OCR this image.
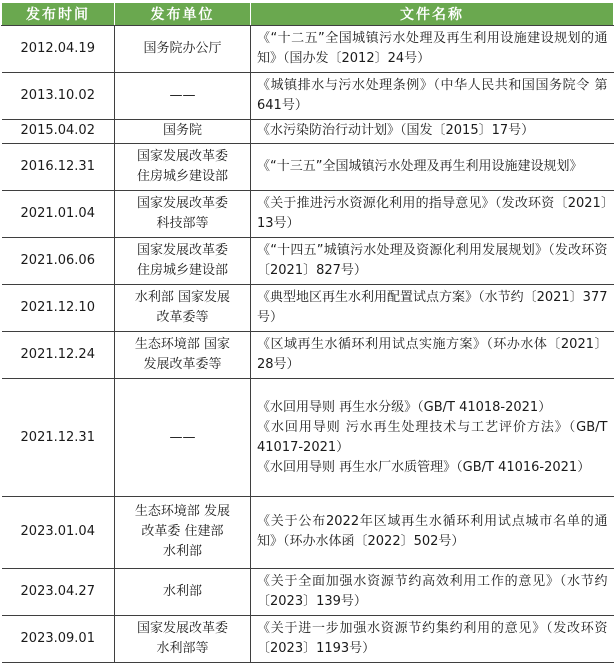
发布时间	发布单位	文件名称
2012.04.19	国务院办公厅	《“十二五”全国城镇污水处理及再生利用设施建设规划的通知》（国办发〔2012〕24号）

2013.10.02	——	《城镇排水与污水处理条例》（中华人民共和国国务院令 第641号）

2015.04.02	国务院	《水污染防治行动计划》（国发〔2015〕17号）

2016.12.31	国家发展改革委
住房城乡建设部	《“十三五”全国城镇污水处理及再生利用设施建设规划》

2021.01.04	国家发展改革委
科技部等	《关于推进污水资源化利用的指导意见》（发改环资〔2021〕13号）

2021.06.06	国家发展改革委
住房城乡建设部	《“十四五”城镇污水处理及资源化利用发展规划》（发改环资〔2021〕827号）

2021.12.10	水利部 国家发展
改革委等	《典型地区再生水利用配置试点方案》（水节约〔2021〕377号）

2021.12.24	生态环境部 国家
发展改革委等	《区域再生水循环利用试点实施方案》（环办水体〔2021〕28号）

2021.12.31	——	《水回用导则 再生水分级》（GB/T 41018-2021）
《水回用导则 污水再生处理技术与工艺评价方法》（GB/T 41017-2021）
《水回用导则 再生水厂水质管理》（GB/T 41016-2021）

2023.01.04	生态环境部 发展
改革委 住建部
水利部	《关于公布2022年区域再生水循环利用试点城市名单的通知》（环办水体函〔2022〕502号）

2023.04.27	水利部	《关于全面加强水资源节约高效利用工作的意见》（水节约〔2023〕139号）

2023.09.01	国家发展改革委
水利部等	《关于进一步加强水资源节约集约利用的意见》（发改环资〔2023〕1193号）
